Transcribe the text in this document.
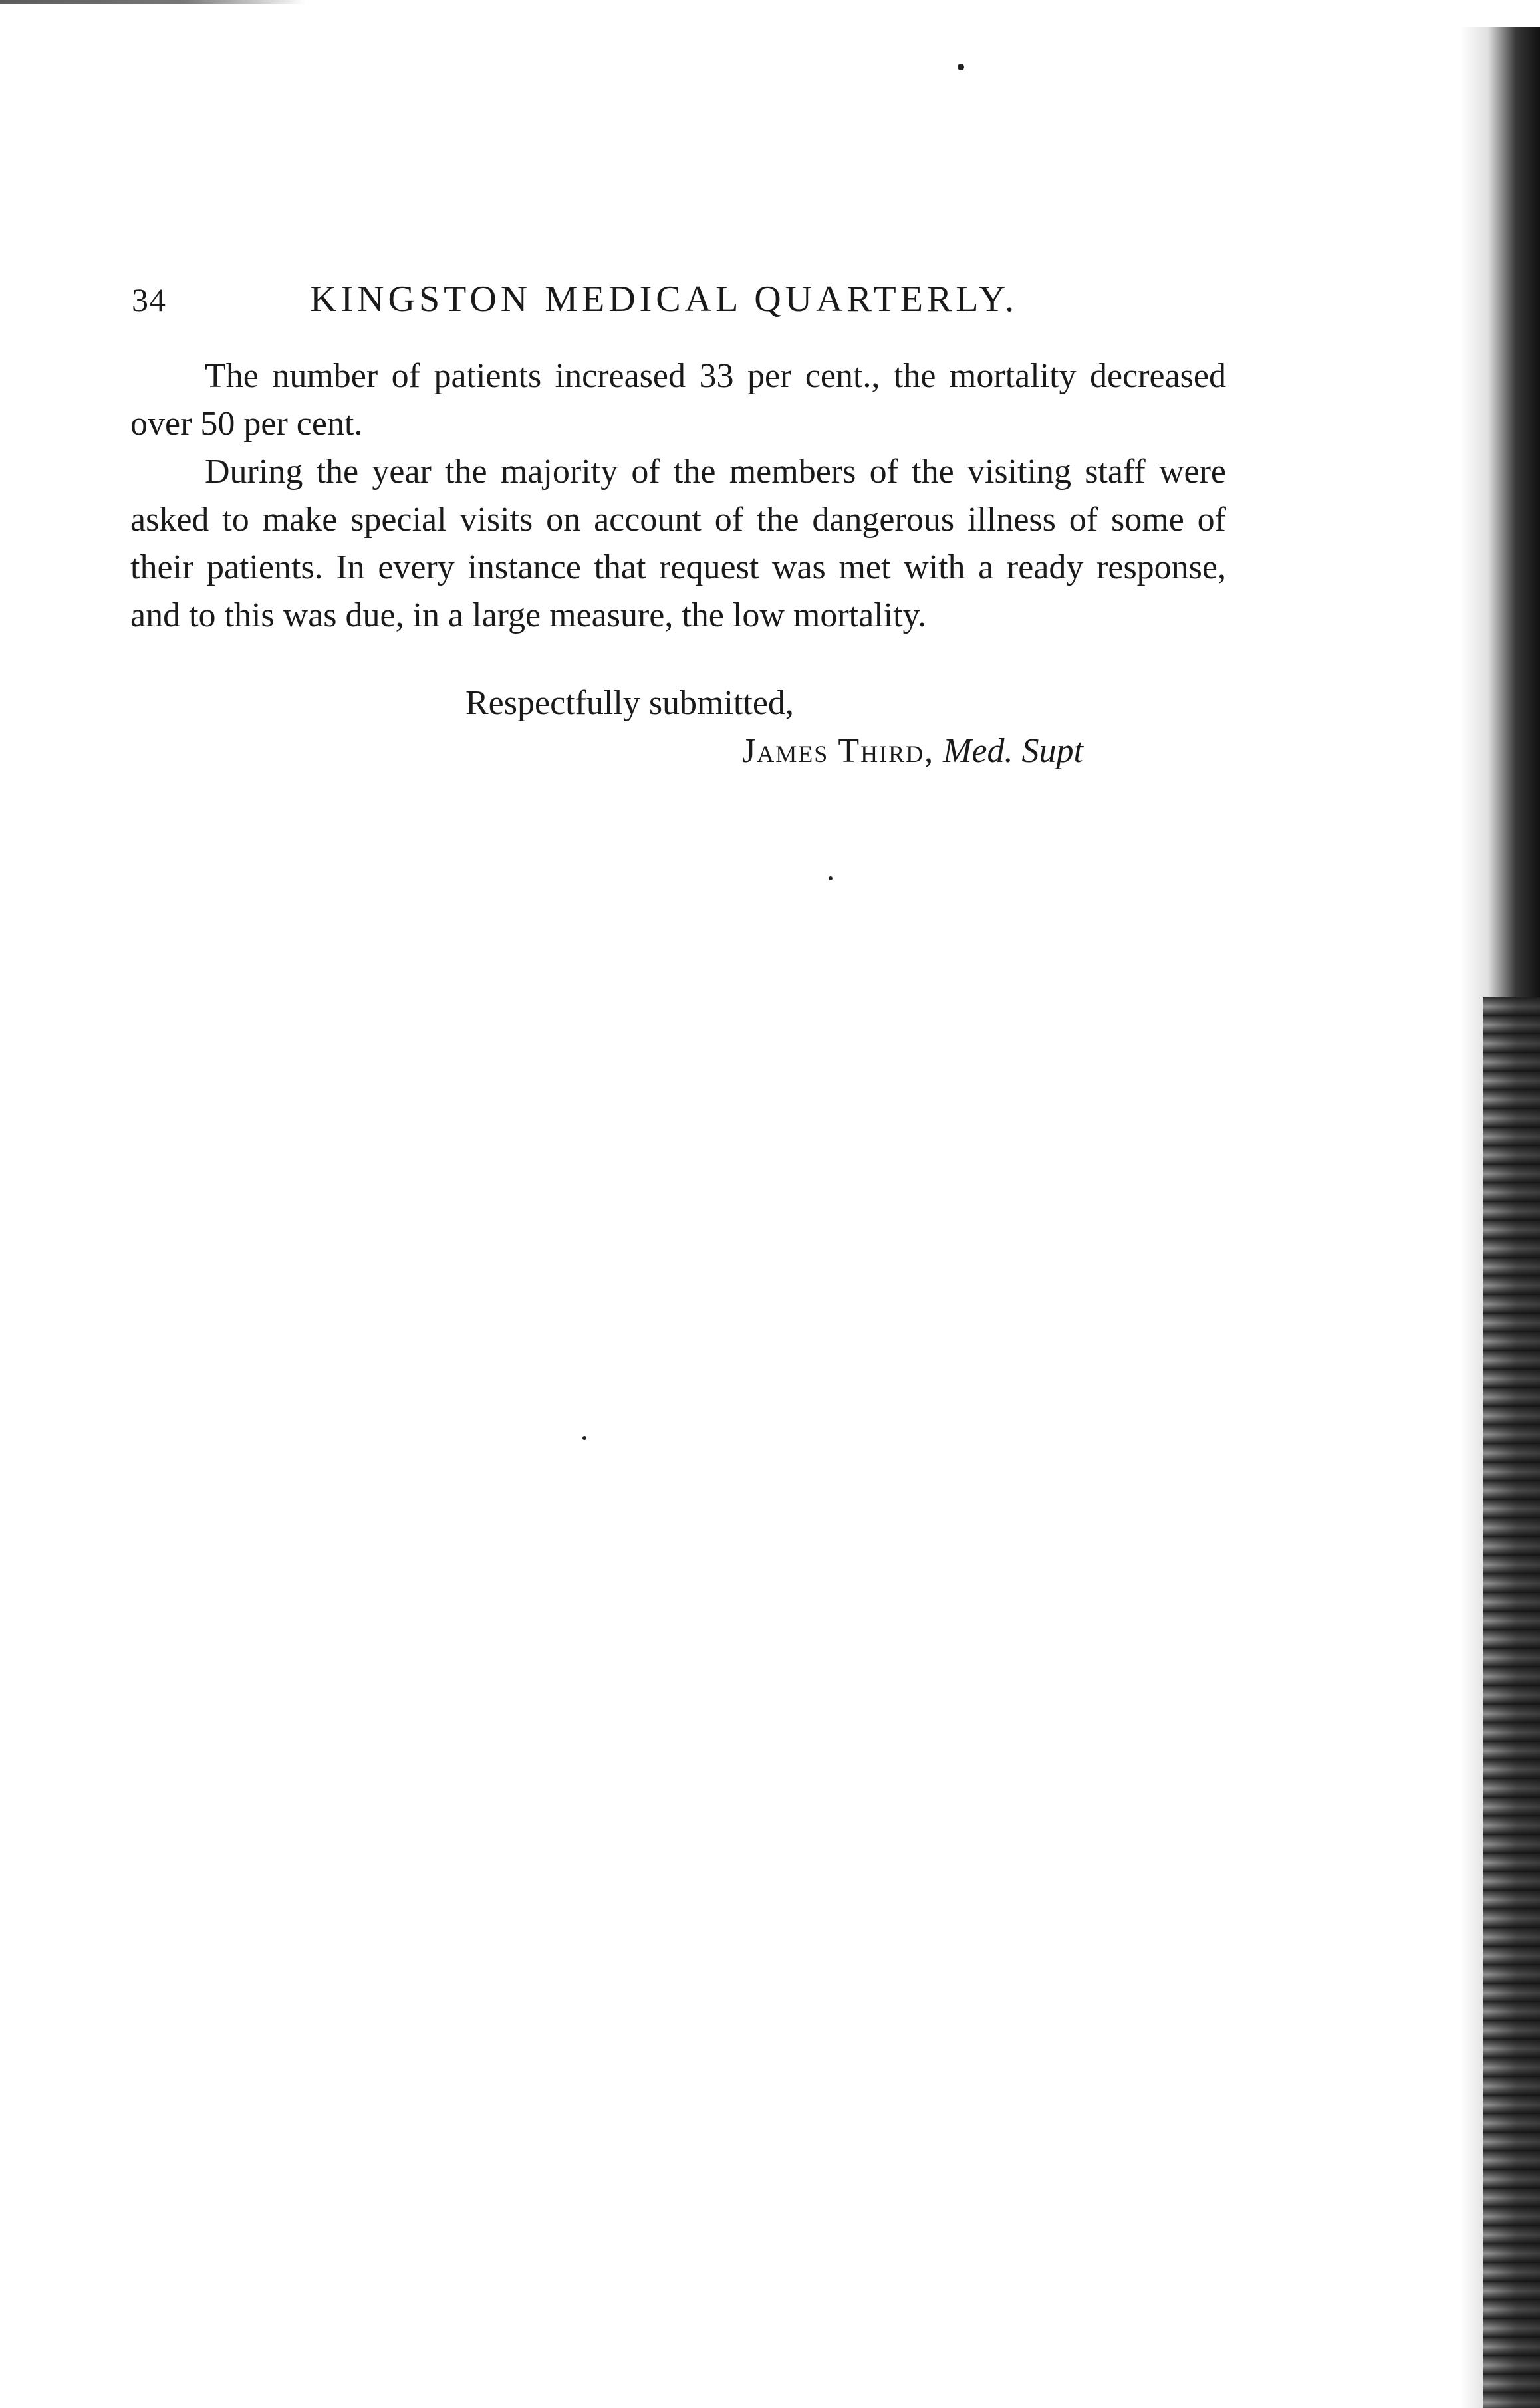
34	KINGSTON MEDICAL QUARTERLY.

The number of patients increased 33 per cent., the mortality decreased over 50 per cent.

During the year the majority of the members of the visiting staff were asked to make special visits on account of the dangerous illness of some of their patients. In every instance that request was met with a ready response, and to this was due, in a large measure, the low mortality.

Respectfully submitted,
James Third, Med. Supt
